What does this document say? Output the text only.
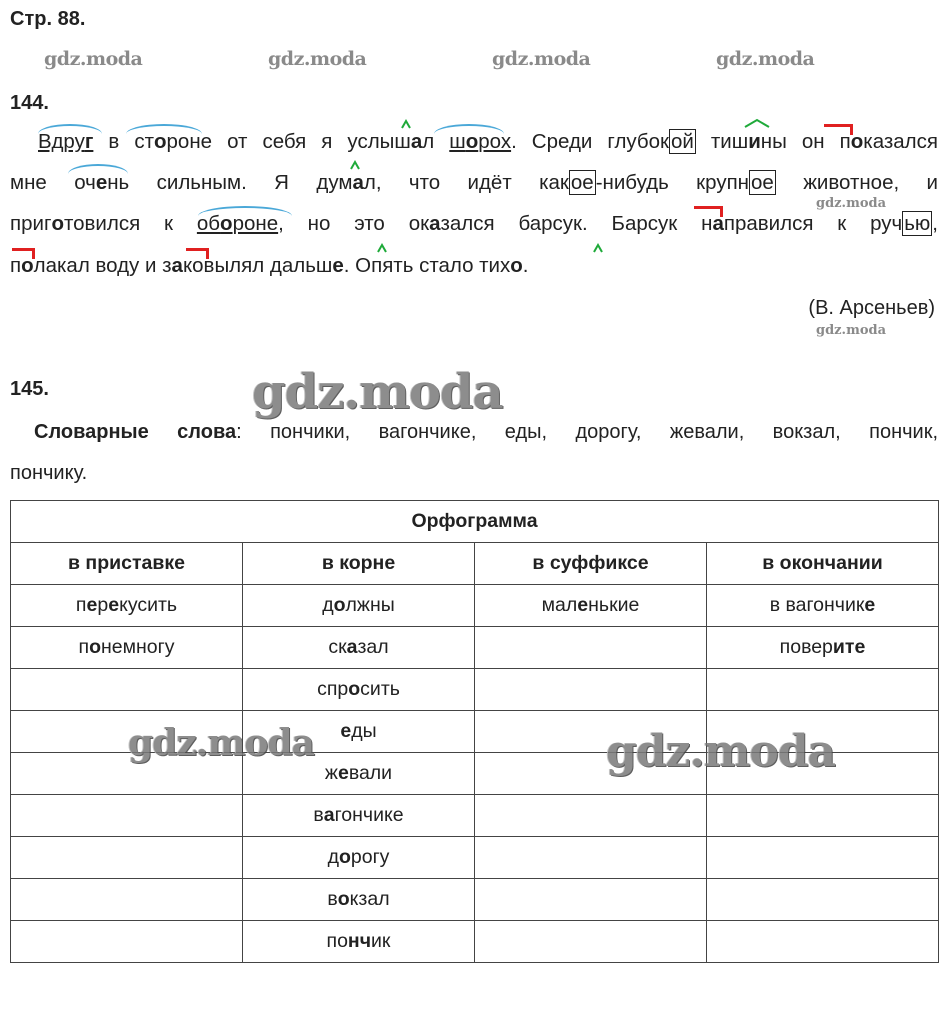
Стр. 88.
gdz.moda	gdz.moda	gdz.moda	gdz.moda
144.
Вдруг в стороне от себя я услышал шорох. Среди глубокой тишины он показался
мне очень сильным. Я думал, что идёт какое-нибудь крупное животное, и
приготовился к обороне, но это оказался барсук. Барсук направился к ручью,
полакал воду и заковылял дальше. Опять стало тихо.
gdz.moda
(В. Арсеньев)
gdz.moda
145.	gdz.moda
Словарные слова: пончики, вагончике, еды, дорогу, жевали, вокзал, пончик,
пончику.
Орфограмма			
в приставке	в корне	в суффиксе	в окончании
перекусить	должны	маленькие	в вагончике
понемногу	сказал		поверите
	спросить		
	еды		
	жевали		
	вагончике		
	дорогу		
	вокзал		
	пончик		
gdz.moda	gdz.moda
